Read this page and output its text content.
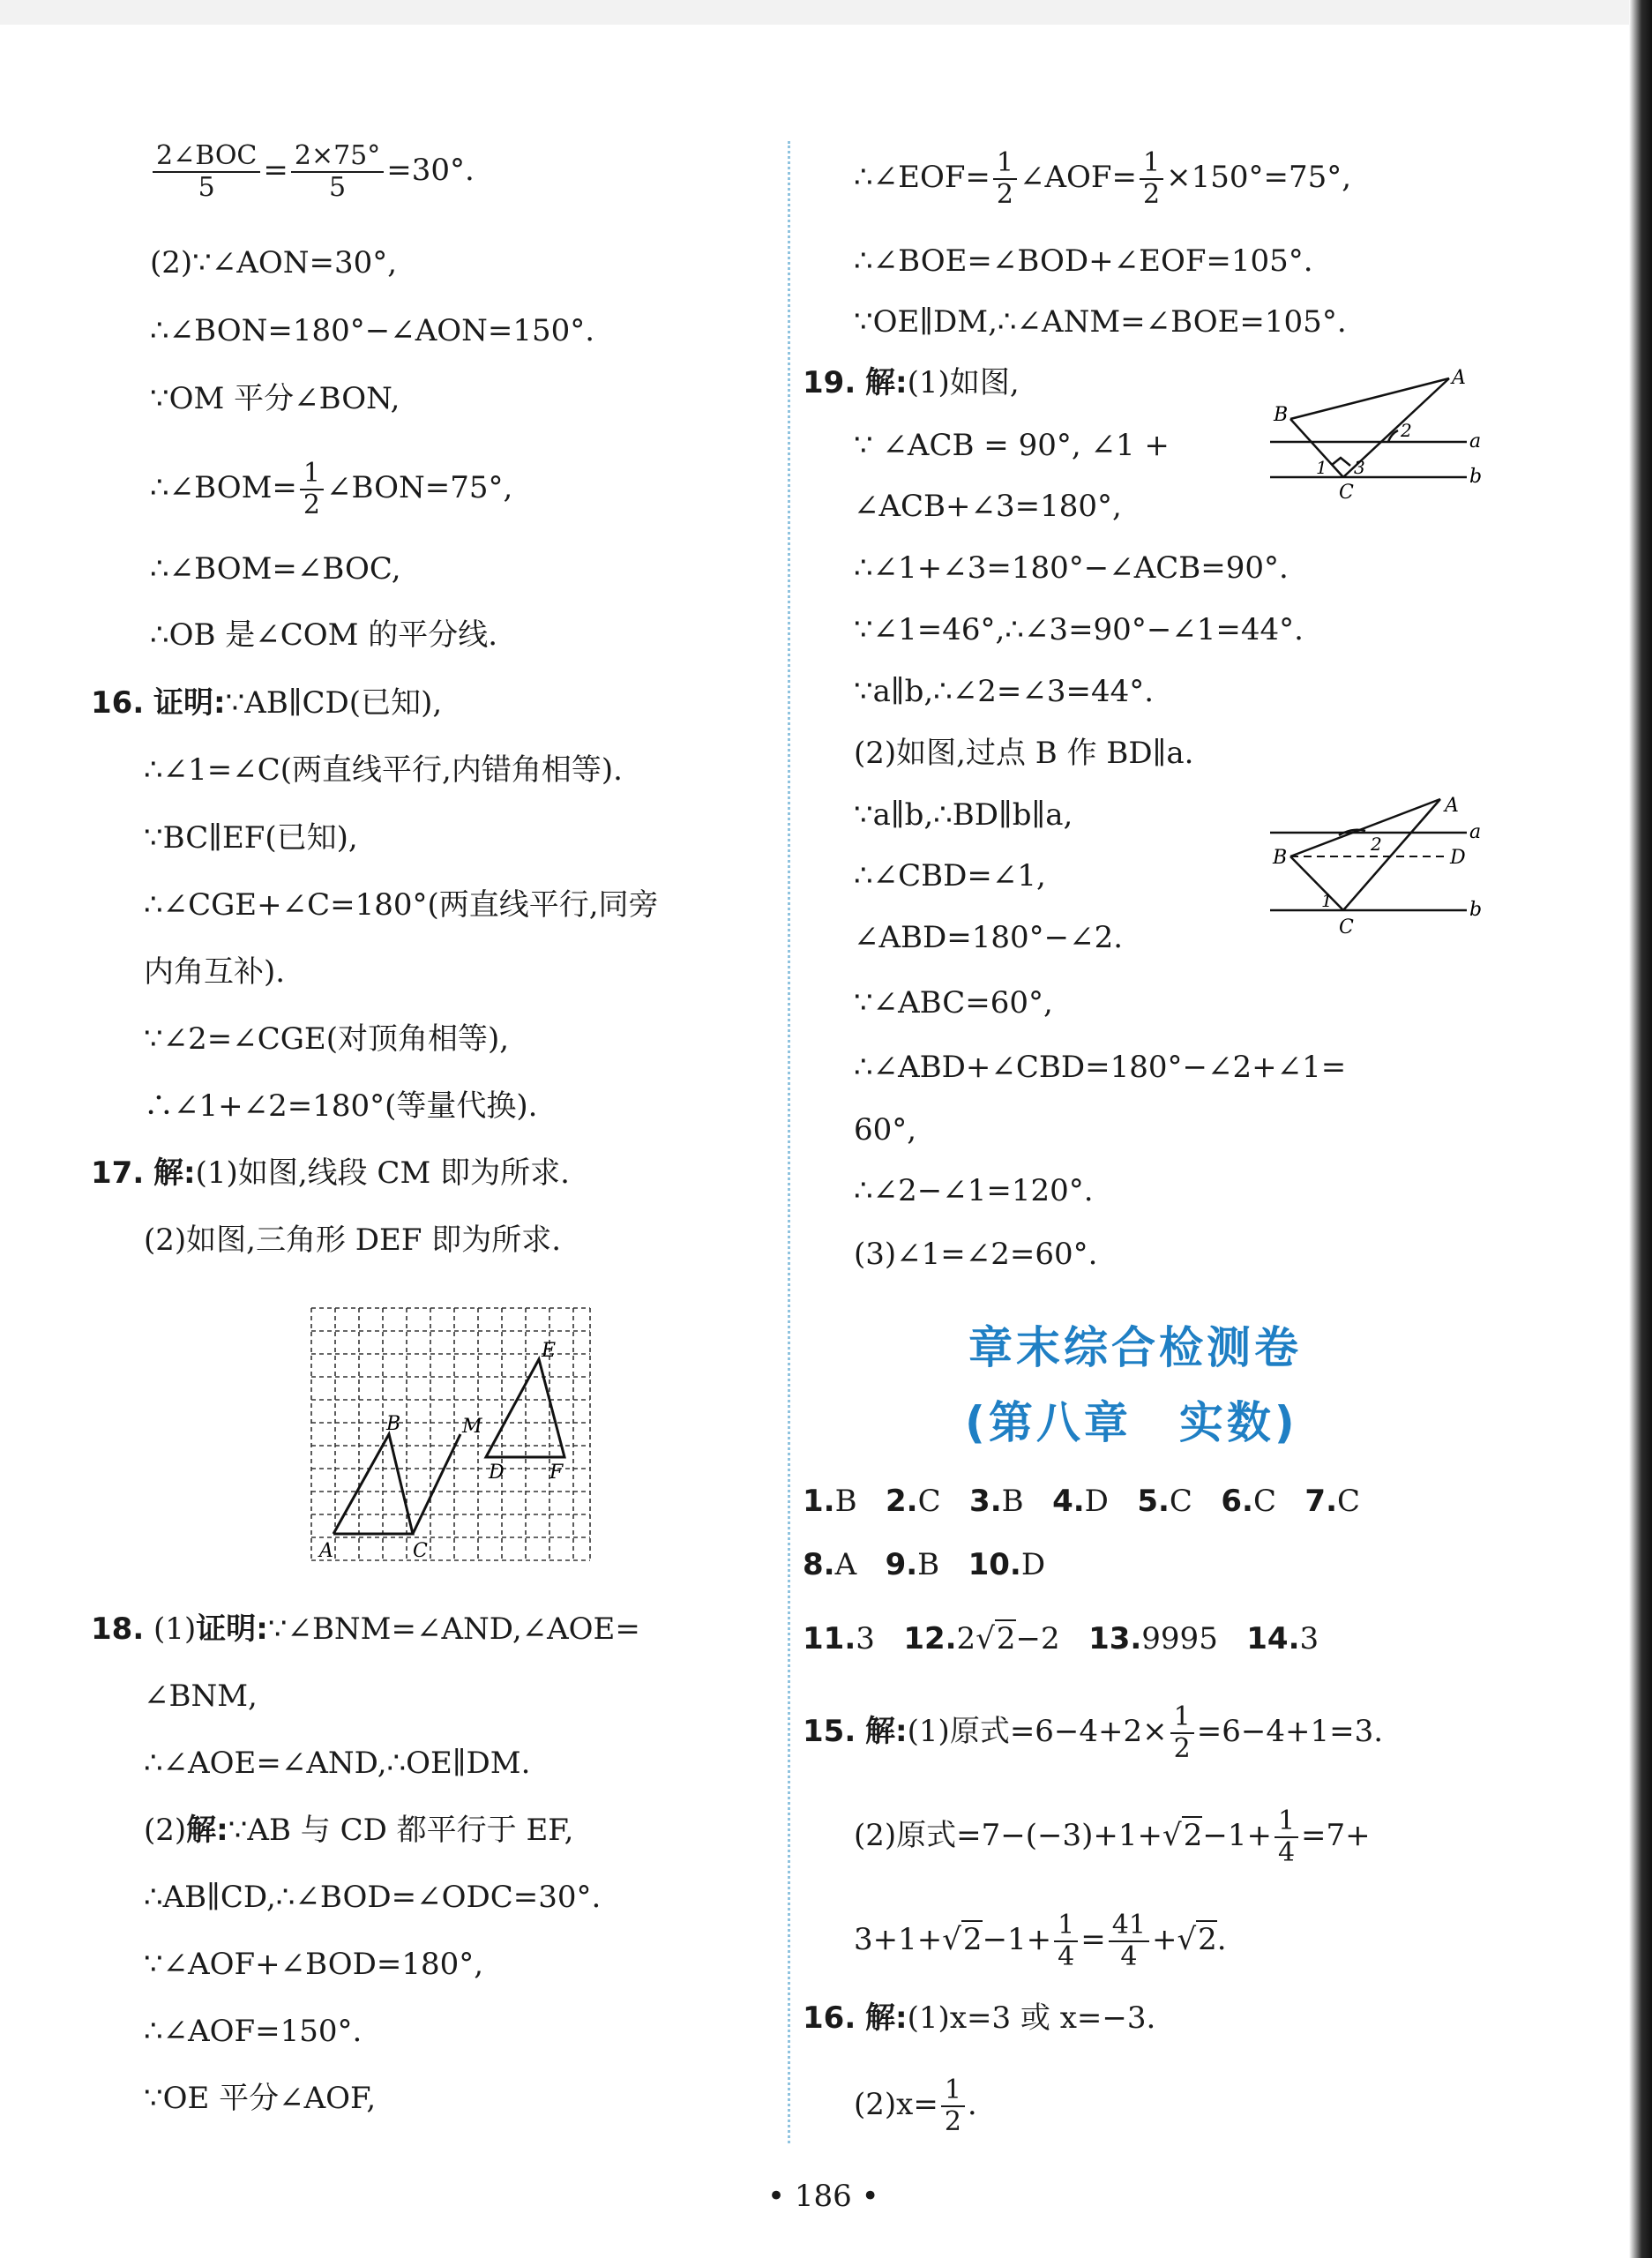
$\frac{\text{2∠BOC}}{5} = \frac{2\times 75^\circ}{5} =30^\circ$.
(2)∵∠AON=30°,
∴∠BON=180°−∠AON=150°.
∵OM 平分∠BON,
∴∠BOM= $\frac{1}{2}$ ∠BON=75°,
∴∠BOM=∠BOC,
∴OB 是∠COM 的平分线.
16. 证明:∵AB∥CD(已知),
∴∠1=∠C(两直线平行,内错角相等).
∵BC∥EF(已知),
∴∠CGE+∠C=180°(两直线平行,同旁
内角互补).
∵∠2=∠CGE(对顶角相等),
∴∠1+∠2=180°(等量代换).
17. 解:(1)如图,线段 CM 即为所求.
(2)如图,三角形 DEF 即为所求.
A
B
C
M
E
D F
18. (1)证明:∵∠BNM=∠AND,∠AOE=
∠BNM,
∴∠AOE=∠AND,∴OE∥DM.
(2)解:∵AB 与 CD 都平行于 EF,
∴AB∥CD,∴∠BOD=∠ODC=30°.
∵∠AOF+∠BOD=180°,
∴∠AOF=150°.
∵OE 平分∠AOF,
∴∠EOF= $\frac{1}{2}$ ∠AOF= $\frac{1}{2} \times 150^\circ=75^\circ$,
∴∠BOE=∠BOD+∠EOF=105°.
∵OE∥DM,∴∠ANM=∠BOE=105°.
19. 解:(1)如图,	A
B
C
a
b
1
2
3
∵ ∠ACB = 90°, ∠1 +
∠ACB+∠3=180°,
∴∠1+∠3=180°−∠ACB=90°.
∵∠1=46°,∴∠3=90°−∠1=44°.
∵a∥b,∴∠2=∠3=44°.
(2)如图,过点 B 作 BD∥a.
A
B
C
D
a
b
1
2
∵a∥b,∴BD∥b∥a,
∴∠CBD=∠1,
∠ABD=180°−∠2.
∵∠ABC=60°,
∴∠ABD+∠CBD=180°−∠2+∠1=
60°,
∴∠2−∠1=120°.
(3)∠1=∠2=60°.
章末综合检测卷
(第八章　实数)
1.B 2.C 3.B 4.D 5.C 6.C 7.C
8.A 9.B 10.D
11.3 12.2√2−2 13.9995 14.3
15. 解:(1)原式$=6-4+2\times \frac{1}{2} =6-4+1=3$.
(2)原式$=7-(-3)+1+√2-1+ \frac{1}{4} =7+$
$3+1+√2-1+ \frac{1}{4} = \frac{41}{4} +√2$.
16. 解:(1)x=3 或 x=−3.
$(2)x= \frac{1}{2}$ .
• 186 •
